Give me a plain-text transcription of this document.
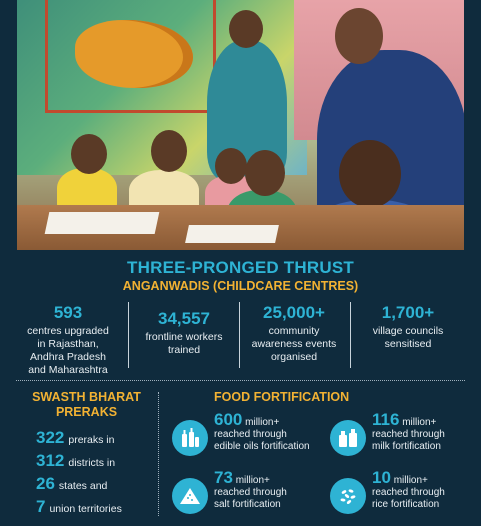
THREE-PRONGED THRUST
ANGANWADIS (CHILDCARE CENTRES)
593
centres upgraded
in Rajasthan,
Andhra Pradesh
and Maharashtra
34,557
frontline workers
trained
25,000+
community
awareness events
organised
1,700+
village councils
sensitised
SWASTH BHARAT
PRERAKS
322 preraks in
312 districts in
26 states and
7 union territories
FOOD FORTIFICATION
600 million+
reached through
edible oils fortification
116 million+
reached through
milk fortification
73 million+
reached through
salt fortification
10 million+
reached through
rice fortification
